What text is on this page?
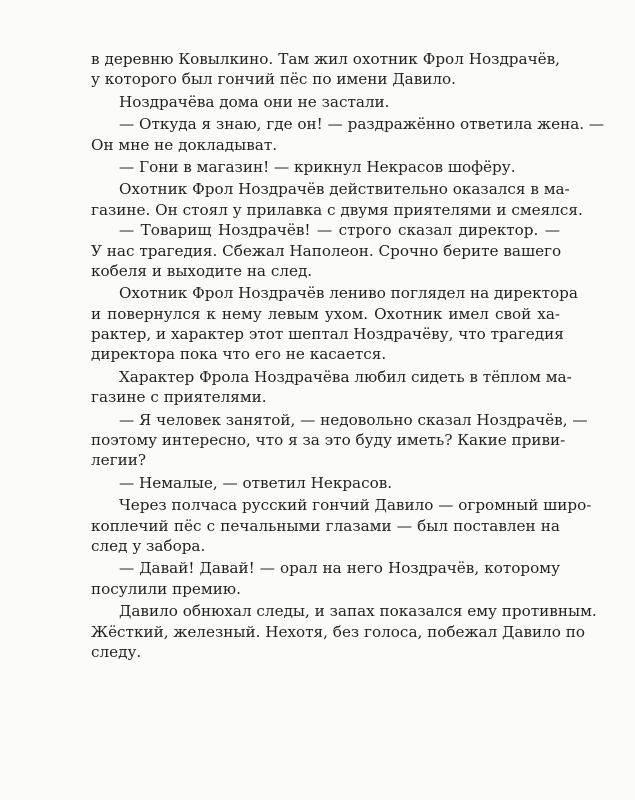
в деревню Ковылкино. Там жил охотник Фрол Ноздрачёв,
у которого был гончий пёс по имени Давило.

Ноздрачёва дома они не застали.

— Откуда я знаю, где он! — раздражённо ответила жена. —
Он мне не докладыват.

— Гони в магазин! — крикнул Некрасов шофёру.

Охотник Фрол Ноздрачёв действительно оказался в ма-
газине. Он стоял у прилавка с двумя приятелями и смеялся.

— Товарищ Ноздрачёв! — строго сказал директор. —
У нас трагедия. Сбежал Наполеон. Срочно берите вашего
кобеля и выходите на след.

Охотник Фрол Ноздрачёв лениво поглядел на директора
и повернулся к нему левым ухом. Охотник имел свой ха-
рактер, и характер этот шептал Ноздрачёву, что трагедия
директора пока что его не касается.

Характер Фрола Ноздрачёва любил сидеть в тёплом ма-
газине с приятелями.

— Я человек занятой, — недовольно сказал Ноздрачёв, —
поэтому интересно, что я за это буду иметь? Какие приви-
легии?

— Немалые, — ответил Некрасов.

Через полчаса русский гончий Давило — огромный широ-
коплечий пёс с печальными глазами — был поставлен на
след у забора.

— Давай! Давай! — орал на него Ноздрачёв, которому
посулили премию.

Давило обнюхал следы, и запах показался ему противным.
Жёсткий, железный. Нехотя, без голоса, побежал Давило по
следу.
